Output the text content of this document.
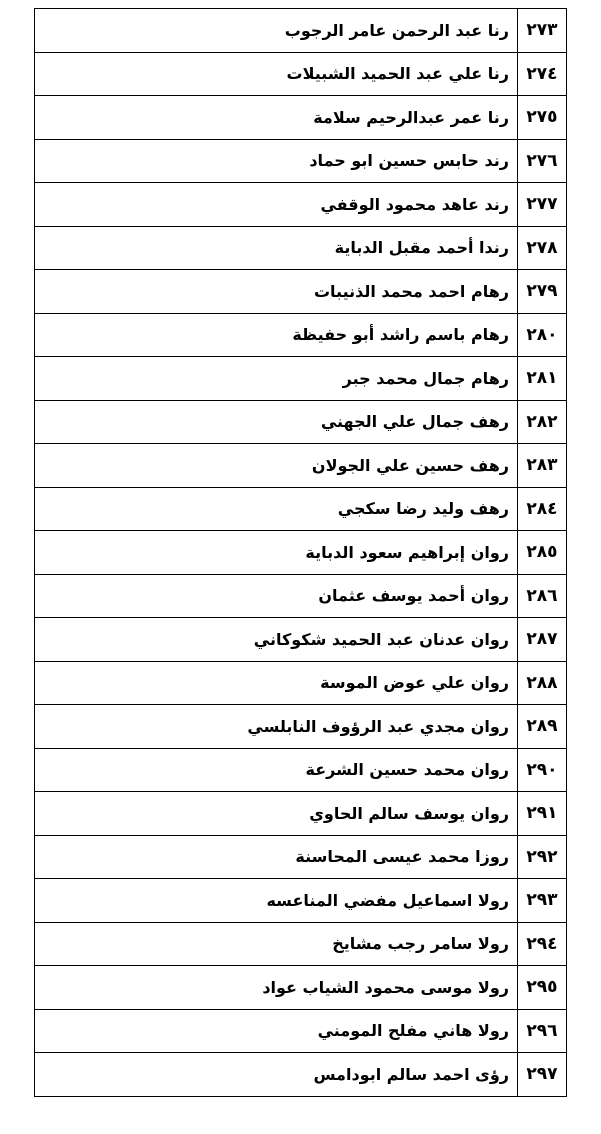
٢٧٣	رنا عبد الرحمن عامر الرجوب
٢٧٤	رنا علي عبد الحميد الشبيلات
٢٧٥	رنا عمر عبدالرحيم سلامة
٢٧٦	رند حابس حسين ابو حماد
٢٧٧	رند عاهد محمود الوقفي
٢٧٨	رندا أحمد مقبل الدباية
٢٧٩	رهام احمد محمد الذنيبات
٢٨٠	رهام باسم راشد أبو حفيظة
٢٨١	رهام جمال محمد جبر
٢٨٢	رهف جمال علي الجهني
٢٨٣	رهف حسين علي الجولان
٢٨٤	رهف وليد رضا سكجي
٢٨٥	روان إبراهيم سعود الدباية
٢٨٦	روان أحمد يوسف عثمان
٢٨٧	روان عدنان عبد الحميد شكوكاني
٢٨٨	روان علي عوض الموسة
٢٨٩	روان مجدي عبد الرؤوف النابلسي
٢٩٠	روان محمد حسين الشرعة
٢٩١	روان يوسف سالم الحاوي
٢٩٢	روزا محمد عيسى المحاسنة
٢٩٣	رولا اسماعيل مفضي المناعسه
٢٩٤	رولا سامر رجب مشايخ
٢٩٥	رولا موسى محمود الشياب عواد
٢٩٦	رولا هاني مفلح المومني
٢٩٧	رؤى احمد سالم ابودامس
